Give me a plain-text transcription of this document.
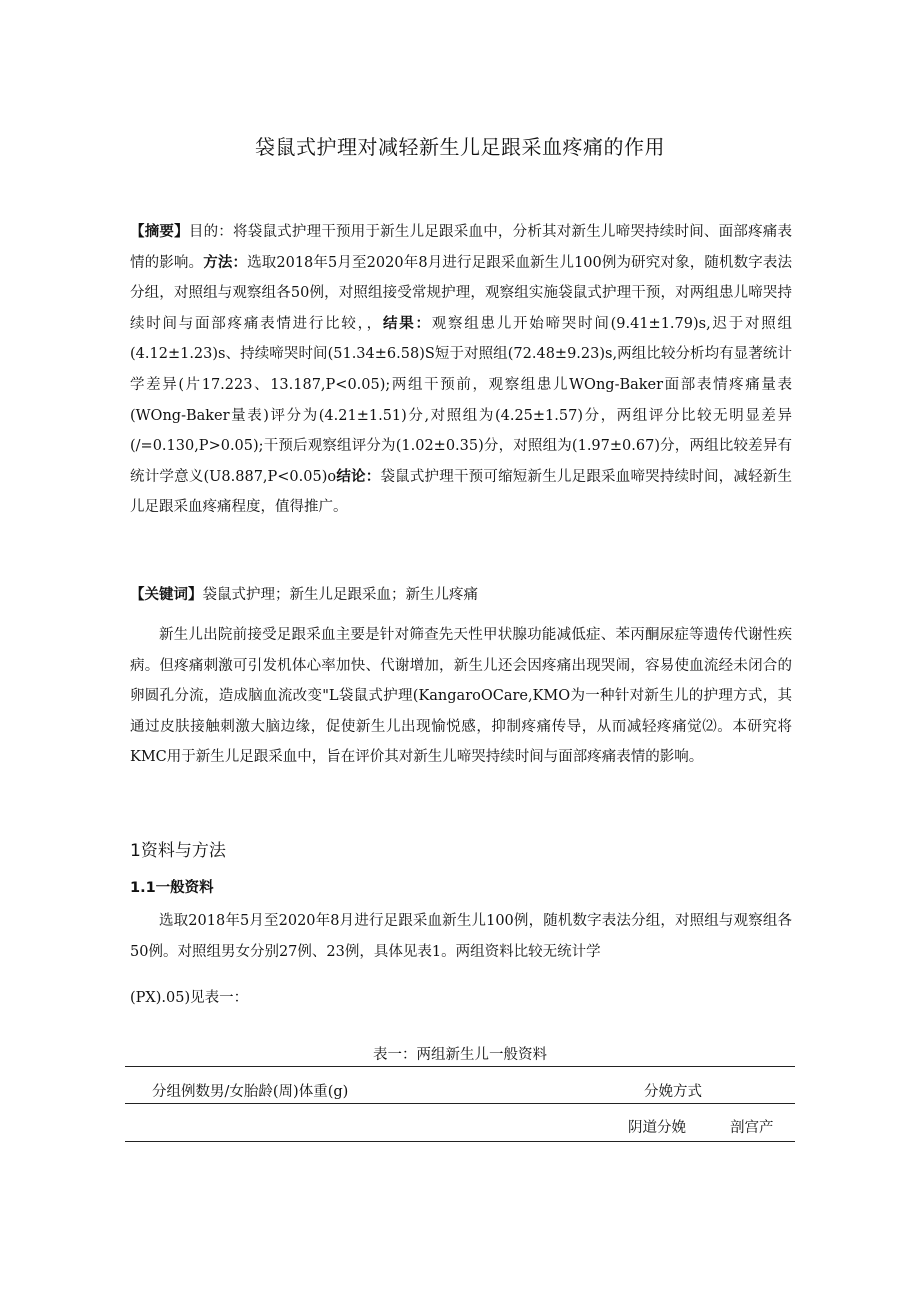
袋鼠式护理对减轻新生儿足跟采血疼痛的作用
【摘要】目的：将袋鼠式护理干预用于新生儿足跟采血中，分析其对新生儿啼哭持续时间、面部疼痛表情的影响。方法：选取2018年5月至2020年8月进行足跟采血新生儿100例为研究对象，随机数字表法分组，对照组与观察组各50例，对照组接受常规护理，观察组实施袋鼠式护理干预，对两组患儿啼哭持续时间与面部疼痛表情进行比较，，结果：观察组患儿开始啼哭时间(9.41±1.79)s,迟于对照组(4.12±1.23)s、持续啼哭时间(51.34±6.58)S短于对照组(72.48±9.23)s,两组比较分析均有显著统计学差异(片17.223、13.187,P<0.05);两组干预前，观察组患儿WOng-Baker面部表情疼痛量表(WOng-Baker量表)评分为(4.21±1.51)分,对照组为(4.25±1.57)分，两组评分比较无明显差异(/=0.130,P>0.05);干预后观察组评分为(1.02±0.35)分，对照组为(1.97±0.67)分，两组比较差异有统计学意义(U8.887,P<0.05)o结论：袋鼠式护理干预可缩短新生儿足跟采血啼哭持续时间，减轻新生儿足跟采血疼痛程度，值得推广。
【关键词】袋鼠式护理；新生儿足跟采血；新生儿疼痛
新生儿出院前接受足跟采血主要是针对筛查先天性甲状腺功能减低症、苯丙酮尿症等遗传代谢性疾病。但疼痛刺激可引发机体心率加快、代谢增加，新生儿还会因疼痛出现哭闹，容易使血流经未闭合的卵圆孔分流，造成脑血流改变"L袋鼠式护理(KangaroOCare,KMO为一种针对新生儿的护理方式，其通过皮肤接触刺激大脑边缘，促使新生儿出现愉悦感，抑制疼痛传导，从而减轻疼痛觉⑵。本研究将KMC用于新生儿足跟采血中，旨在评价其对新生儿啼哭持续时间与面部疼痛表情的影响。
1资料与方法
1.1一般资料
选取2018年5月至2020年8月进行足跟采血新生儿100例，随机数字表法分组，对照组与观察组各50例。对照组男女分别27例、23例，具体见表1。两组资料比较无统计学
(PX).05)见表一：
表一：两组新生儿一般资料
分组例数男/女胎龄(周)体重(g)	分娩方式
阴道分娩	剖宫产
